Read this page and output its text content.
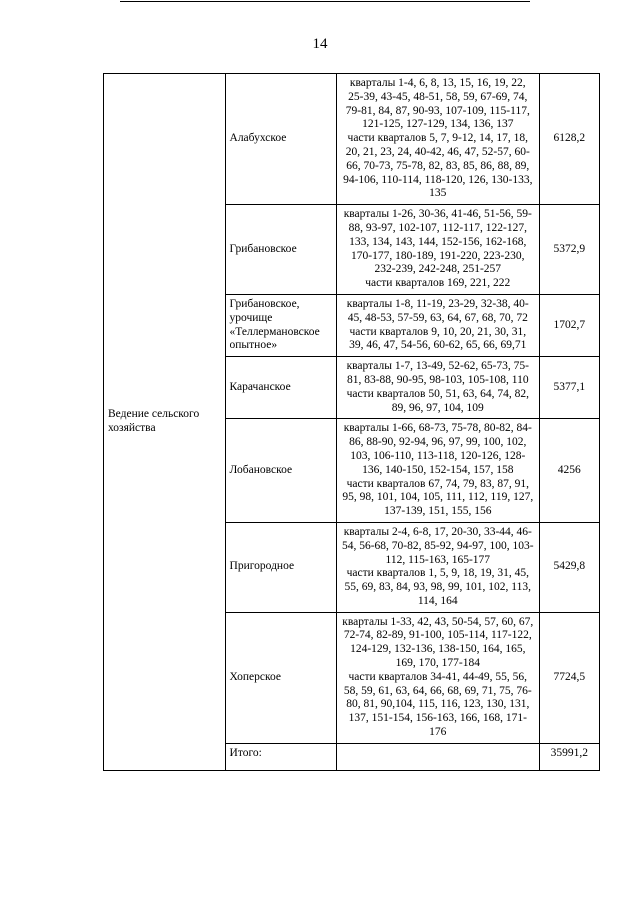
14
Ведение сельского хозяйства	Алабухское	кварталы 1-4, 6, 8, 13, 15, 16, 19, 22, 25-39, 43-45, 48-51, 58, 59, 67-69, 74, 79-81, 84, 87, 90-93, 107-109, 115-117, 121-125, 127-129, 134, 136, 137
части кварталов 5, 7, 9-12, 14, 17, 18, 20, 21, 23, 24, 40-42, 46, 47, 52-57, 60-66, 70-73, 75-78, 82, 83, 85, 86, 88, 89, 94-106, 110-114, 118-120, 126, 130-133, 135	6128,2
	Грибановское	кварталы 1-26, 30-36, 41-46, 51-56, 59-88, 93-97, 102-107, 112-117, 122-127, 133, 134, 143, 144, 152-156, 162-168, 170-177, 180-189, 191-220, 223-230, 232-239, 242-248, 251-257
части кварталов 169, 221, 222	5372,9
	Грибановское, урочище «Теллермановское опытное»	кварталы 1-8, 11-19, 23-29, 32-38, 40-45, 48-53, 57-59, 63, 64, 67, 68, 70, 72
части кварталов 9, 10, 20, 21, 30, 31, 39, 46, 47, 54-56, 60-62, 65, 66, 69,71	1702,7
	Карачанское	кварталы 1-7, 13-49, 52-62, 65-73, 75-81, 83-88, 90-95, 98-103, 105-108, 110
части кварталов 50, 51, 63, 64, 74, 82, 89, 96, 97, 104, 109	5377,1
	Лобановское	кварталы 1-66, 68-73, 75-78, 80-82, 84-86, 88-90, 92-94, 96, 97, 99, 100, 102, 103, 106-110, 113-118, 120-126, 128-136, 140-150, 152-154, 157, 158
части кварталов 67, 74, 79, 83, 87, 91, 95, 98, 101, 104, 105, 111, 112, 119, 127, 137-139, 151, 155, 156	4256
	Пригородное	кварталы 2-4, 6-8, 17, 20-30, 33-44, 46-54, 56-68, 70-82, 85-92, 94-97, 100, 103-112, 115-163, 165-177
части кварталов 1, 5, 9, 18, 19, 31, 45, 55, 69, 83, 84, 93, 98, 99, 101, 102, 113, 114, 164	5429,8
	Хоперское	кварталы 1-33, 42, 43, 50-54, 57, 60, 67, 72-74, 82-89, 91-100, 105-114, 117-122, 124-129, 132-136, 138-150, 164, 165, 169, 170, 177-184
части кварталов 34-41, 44-49, 55, 56, 58, 59, 61, 63, 64, 66, 68, 69, 71, 75, 76-80, 81, 90,104, 115, 116, 123, 130, 131, 137, 151-154, 156-163, 166, 168, 171-176	7724,5
	Итого:		35991,2
